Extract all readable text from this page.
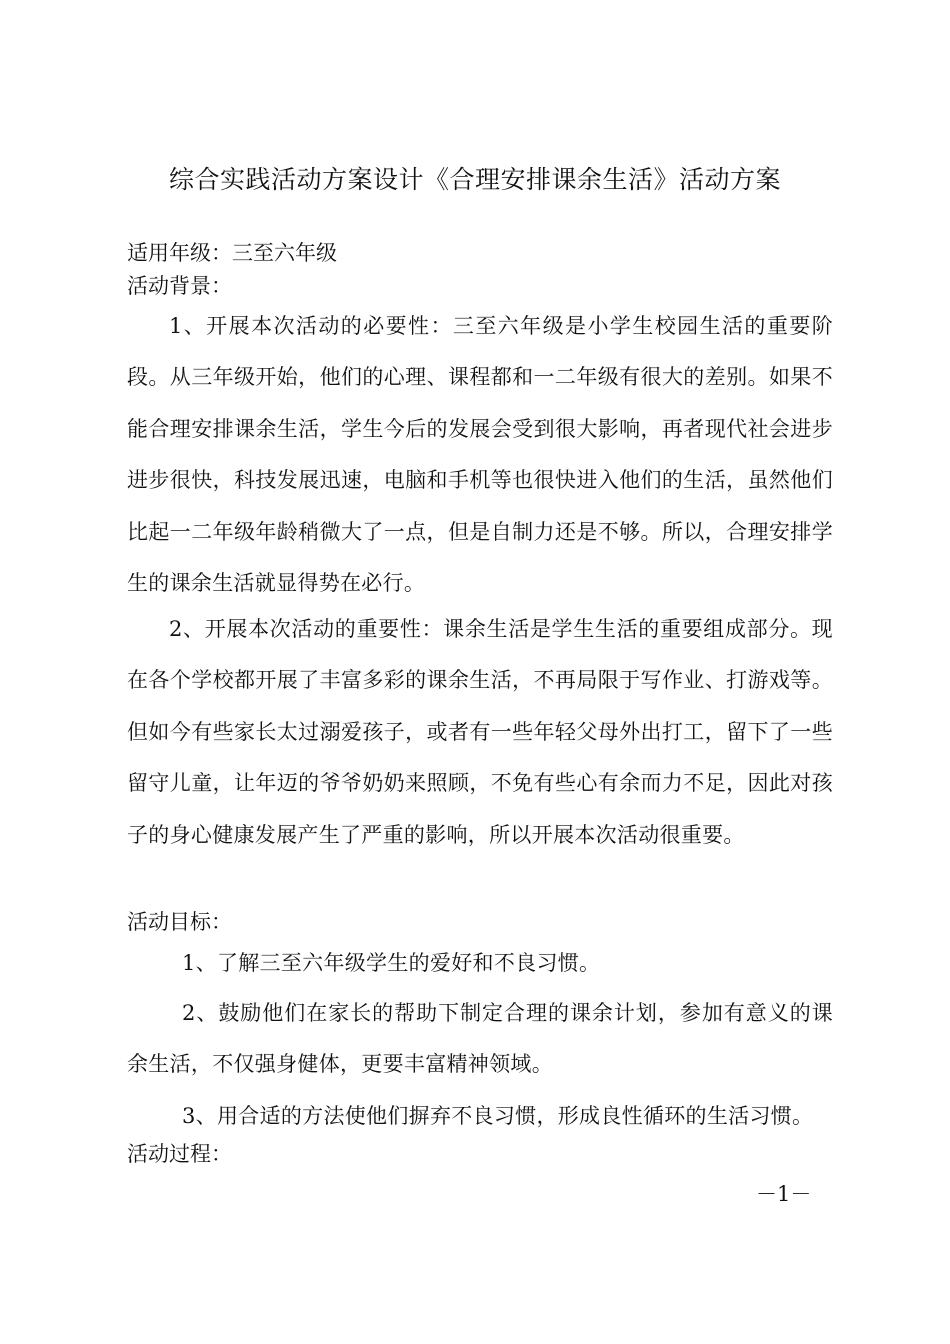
综合实践活动方案设计《合理安排课余生活》活动方案
适用年级：三至六年级
活动背景：
1、开展本次活动的必要性：三至六年级是小学生校园生活的重要阶段。从三年级开始，他们的心理、课程都和一二年级有很大的差别。如果不能合理安排课余生活，学生今后的发展会受到很大影响，再者现代社会进步进步很快，科技发展迅速，电脑和手机等也很快进入他们的生活，虽然他们比起一二年级年龄稍微大了一点，但是自制力还是不够。所以，合理安排学生的课余生活就显得势在必行。
2、开展本次活动的重要性：课余生活是学生生活的重要组成部分。现在各个学校都开展了丰富多彩的课余生活，不再局限于写作业、打游戏等。但如今有些家长太过溺爱孩子，或者有一些年轻父母外出打工，留下了一些留守儿童，让年迈的爷爷奶奶来照顾，不免有些心有余而力不足，因此对孩子的身心健康发展产生了严重的影响，所以开展本次活动很重要。
活动目标：
1、了解三至六年级学生的爱好和不良习惯。
2、鼓励他们在家长的帮助下制定合理的课余计划，参加有意义的课余生活，不仅强身健体，更要丰富精神领域。
3、用合适的方法使他们摒弃不良习惯，形成良性循环的生活习惯。
活动过程：
－1－
